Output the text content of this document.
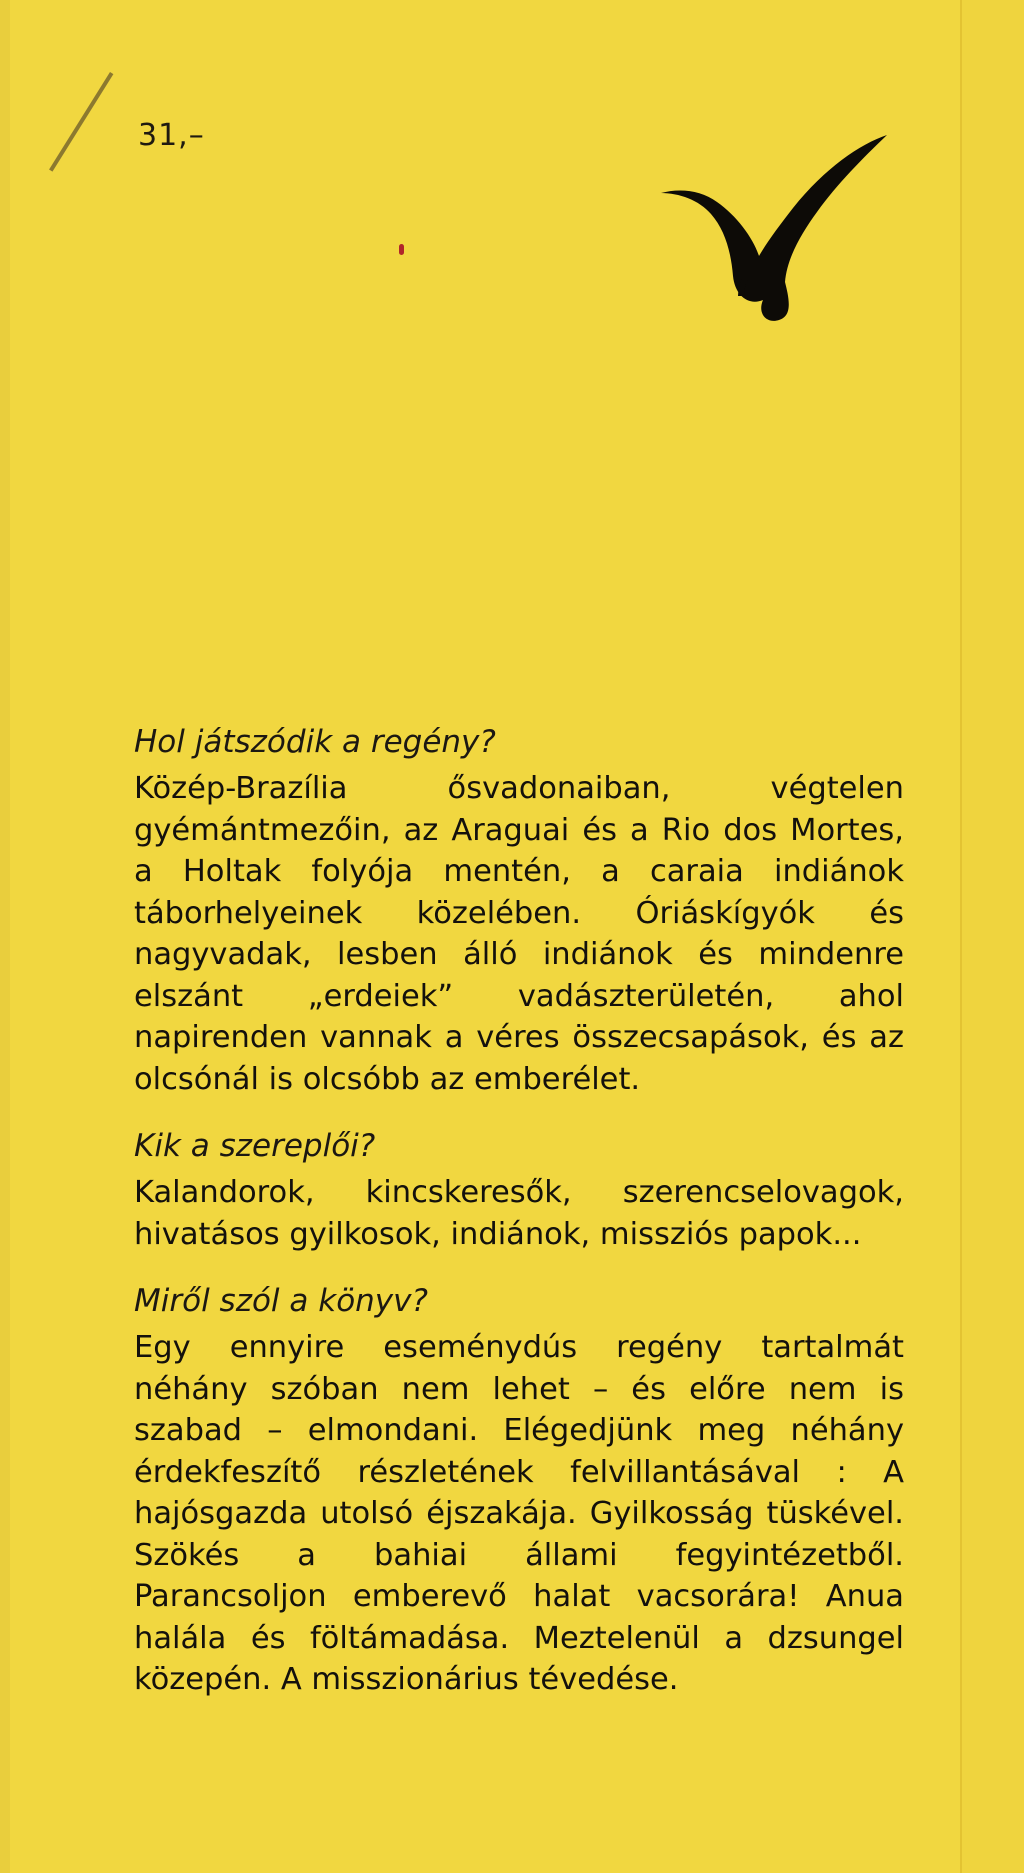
31,–

Hol játszódik a regény?

Közép-Brazília ősvadonaiban, végtelen gyémántmezőin, az Araguai és a Rio dos Mortes, a Holtak folyója mentén, a caraia indiánok táborhelyeinek közelében. Óriáskígyók és nagyvadak, lesben álló indiánok és mindenre elszánt „erdeiek” vadászterületén, ahol napirenden vannak a véres összecsapások, és az olcsónál is olcsóbb az emberélet.

Kik a szereplői?

Kalandorok, kincskeresők, szerencselovagok, hivatásos gyilkosok, indiánok, missziós papok...

Miről szól a könyv?

Egy ennyire eseménydús regény tartalmát néhány szóban nem lehet – és előre nem is szabad – elmondani. Elégedjünk meg néhány érdekfeszítő részletének felvillantásával : A hajósgazda utolsó éjszakája. Gyilkosság tüskével. Szökés a bahiai állami fegyintézetből. Parancsoljon emberevő halat vacsorára! Anua halála és föltámadása. Meztelenül a dzsungel közepén. A misszionárius tévedése.
